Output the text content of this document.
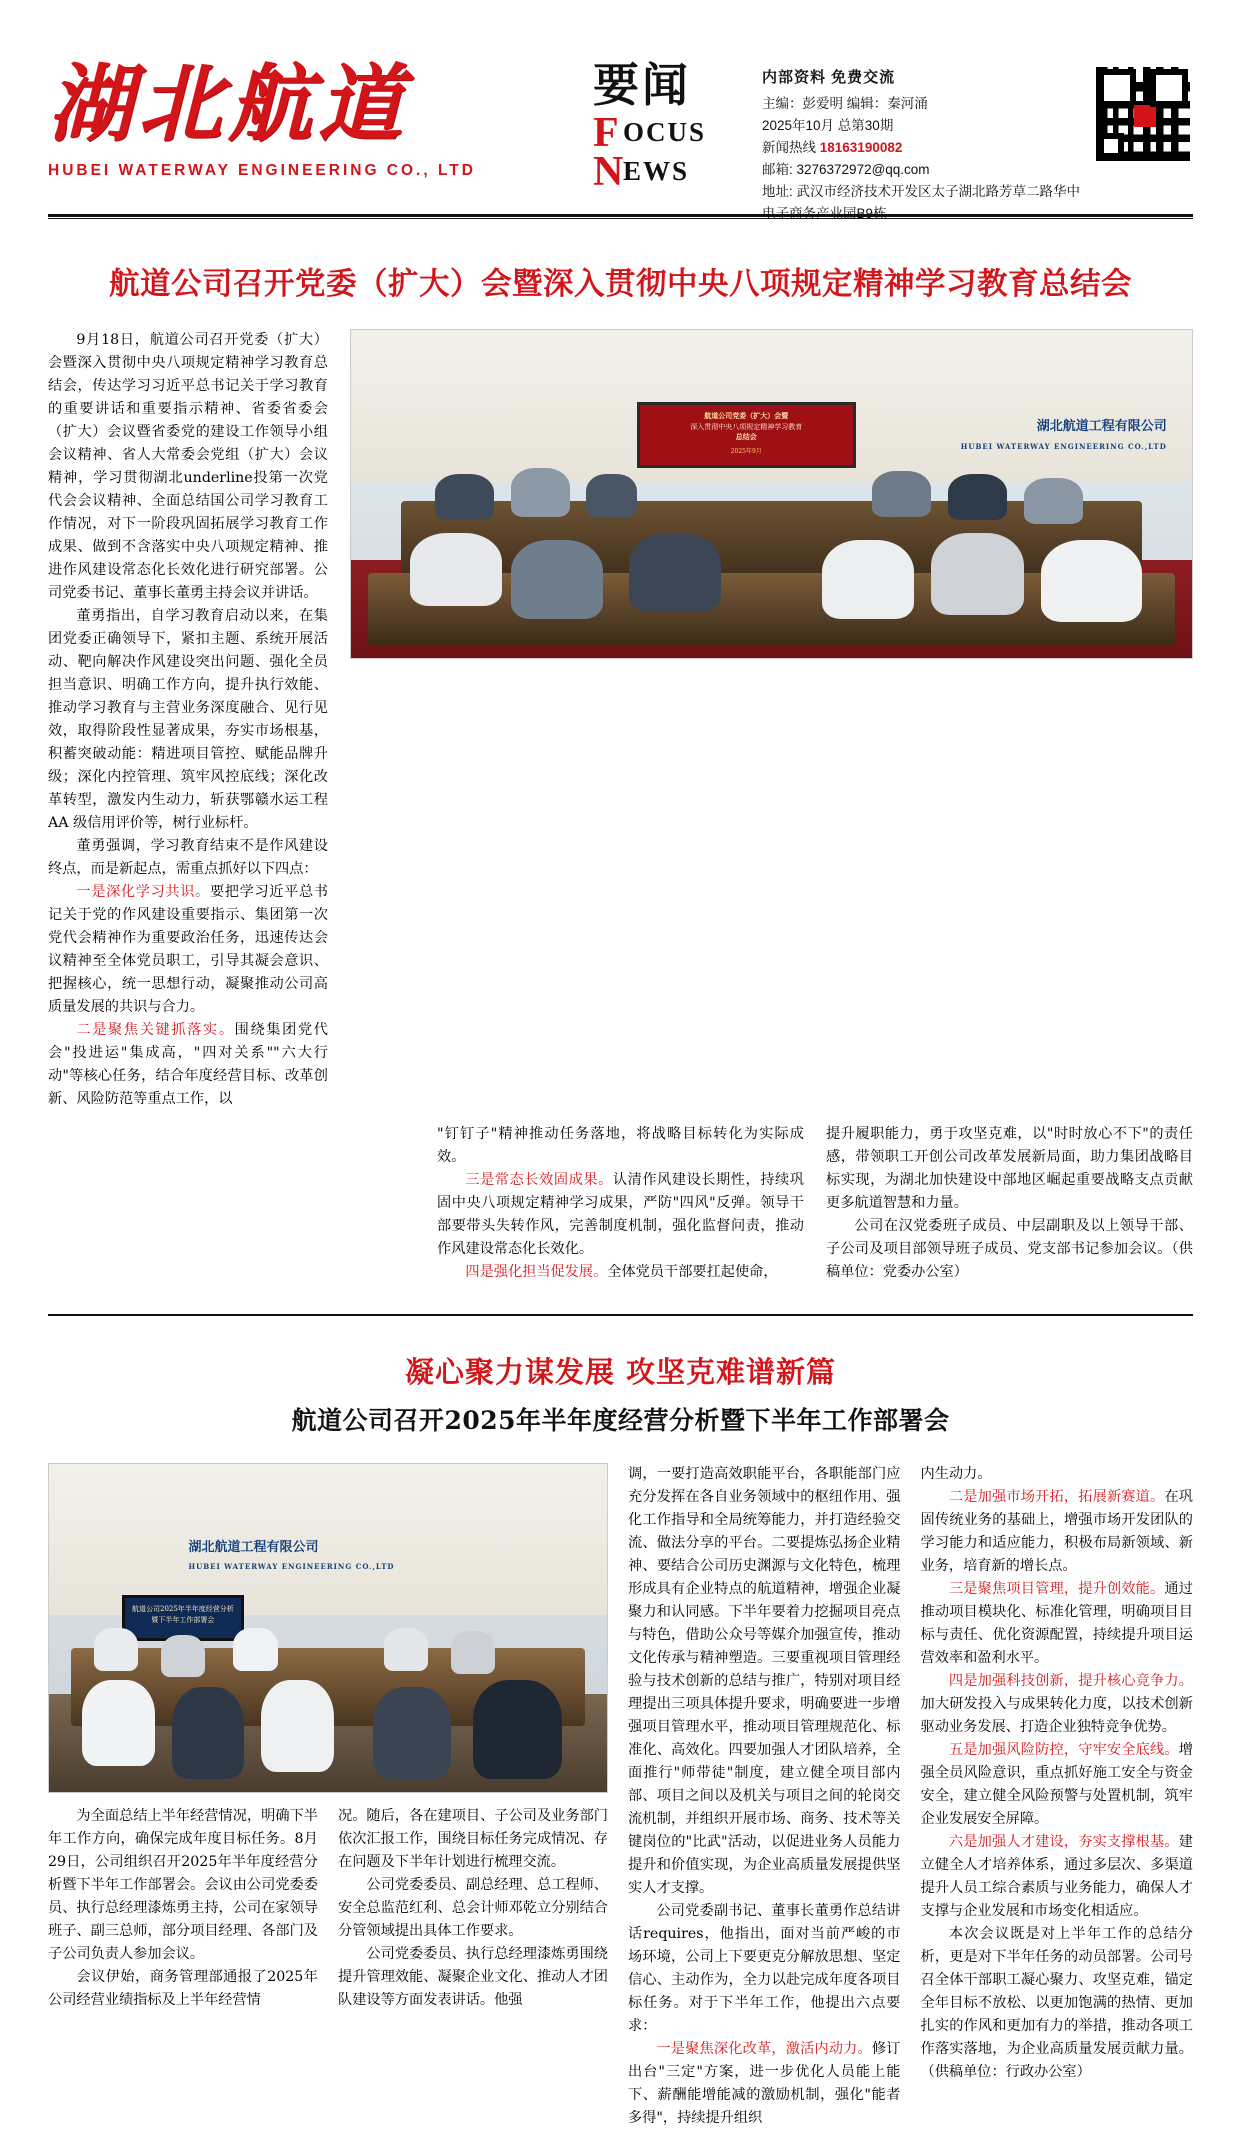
湖北航道
HUBEI WATERWAY ENGINEERING CO., LTD
要闻
F OCUS
N EWS
内部资料 免费交流
主编：彭爱明 编辑：秦河涌
2025年10月 总第30期
新闻热线 18163190082
邮箱: 3276372972@qq.com
地址: 武汉市经济技术开发区太子湖北路芳草二路华中电子商务产业园B9栋
航道公司召开党委（扩大）会暨深入贯彻中央八项规定精神学习教育总结会

9月18日，航道公司召开党委（扩大）会暨深入贯彻中央八项规定精神学习教育总结会，传达学习习近平总书记关于学习教育的重要讲话和重要指示精神、省委省委会（扩大）会议暨省委党的建设工作领导小组会议精神、省人大常委会党组（扩大）会议精神，学习贯彻湖北underline投第一次党代会会议精神、全面总结国公司学习教育工作情况，对下一阶段巩固拓展学习教育工作成果、做到不含落实中央八项规定精神、推进作风建设常态化长效化进行研究部署。公司党委书记、董事长董勇主持会议并讲话。

董勇指出，自学习教育启动以来，在集团党委正确领导下，紧扣主题、系统开展活动、靶向解决作风建设突出问题、强化全员担当意识、明确工作方向，提升执行效能、推动学习教育与主营业务深度融合、见行见效，取得阶段性显著成果，夯实市场根基，积蓄突破动能：精进项目管控、赋能品牌升级；深化内控管理、筑牢风控底线；深化改革转型，激发内生动力，斩获鄂赣水运工程 AA 级信用评价等，树行业标杆。

董勇强调，学习教育结束不是作风建设终点，而是新起点，需重点抓好以下四点：

一是深化学习共识。要把学习近平总书记关于党的作风建设重要指示、集团第一次党代会精神作为重要政治任务，迅速传达会议精神至全体党员职工，引导其凝会意识、把握核心，统一思想行动，凝聚推动公司高质量发展的共识与合力。

二是聚焦关键抓落实。围绕集团党代会"投进运"集成高，"四对关系""六大行动"等核心任务，结合年度经营目标、改革创新、风险防范等重点工作，以

航道公司党委（扩大）会暨
深入贯彻中央八项规定精神学习教育
总结会
2025年9月
湖北航道工程有限公司
HUBEI WATERWAY ENGINEERING CO.,LTD

"钉钉子"精神推动任务落地，将战略目标转化为实际成效。

三是常态长效固成果。认清作风建设长期性，持续巩固中央八项规定精神学习成果，严防"四风"反弹。领导干部要带头失转作风，完善制度机制，强化监督问责，推动作风建设常态化长效化。

四是强化担当促发展。全体党员干部要扛起使命，

提升履职能力，勇于攻坚克难，以"时时放心不下"的责任感，带领职工开创公司改革发展新局面，助力集团战略目标实现，为湖北加快建设中部地区崛起重要战略支点贡献更多航道智慧和力量。

公司在汉党委班子成员、中层副职及以上领导干部、子公司及项目部领导班子成员、党支部书记参加会议。（供稿单位：党委办公室）

凝心聚力谋发展 攻坚克难谱新篇
航道公司召开2025年半年度经营分析暨下半年工作部署会
湖北航道工程有限公司
HUBEI WATERWAY ENGINEERING CO.,LTD
航道公司2025年半年度经营分析
暨下半年工作部署会

为全面总结上半年经营情况，明确下半年工作方向，确保完成年度目标任务。8月29日，公司组织召开2025年半年度经营分析暨下半年工作部署会。会议由公司党委委员、执行总经理漆炼勇主持，公司在家领导班子、副三总师，部分项目经理、各部门及子公司负责人参加会议。

会议伊始，商务管理部通报了2025年公司经营业绩指标及上半年经营情

况。随后，各在建项目、子公司及业务部门依次汇报工作，围绕目标任务完成情况、存在问题及下半年计划进行梳理交流。

公司党委委员、副总经理、总工程师、安全总监范红利、总会计师邓乾立分别结合分管领域提出具体工作要求。

公司党委委员、执行总经理漆炼勇围绕提升管理效能、凝聚企业文化、推动人才团队建设等方面发表讲话。他强

调，一要打造高效职能平台，各职能部门应充分发挥在各自业务领域中的枢纽作用、强化工作指导和全局统筹能力，并打造经验交流、做法分享的平台。二要提炼弘扬企业精神、要结合公司历史渊源与文化特色，梳理形成具有企业特点的航道精神，增强企业凝聚力和认同感。下半年要着力挖掘项目亮点与特色，借助公众号等媒介加强宣传，推动文化传承与精神塑造。三要重视项目管理经验与技术创新的总结与推广，特别对项目经理提出三项具体提升要求，明确要进一步增强项目管理水平，推动项目管理规范化、标准化、高效化。四要加强人才团队培养，全面推行"师带徒"制度，建立健全项目部内部、项目之间以及机关与项目之间的轮岗交流机制，并组织开展市场、商务、技术等关键岗位的"比武"活动，以促进业务人员能力提升和价值实现，为企业高质量发展提供坚实人才支撑。

公司党委副书记、董事长董勇作总结讲话requires，他指出，面对当前严峻的市场环境，公司上下要更克分解放思想、坚定信心、主动作为，全力以赴完成年度各项目标任务。对于下半年工作，他提出六点要求：

一是聚焦深化改革，激活内动力。修订出台"三定"方案，进一步优化人员能上能下、薪酬能增能减的激励机制，强化"能者多得"，持续提升组织

内生动力。

二是加强市场开拓，拓展新赛道。在巩固传统业务的基础上，增强市场开发团队的学习能力和适应能力，积极布局新领域、新业务，培育新的增长点。

三是聚焦项目管理，提升创效能。通过推动项目模块化、标准化管理，明确项目目标与责任、优化资源配置，持续提升项目运营效率和盈利水平。

四是加强科技创新，提升核心竞争力。加大研发投入与成果转化力度，以技术创新驱动业务发展、打造企业独特竞争优势。

五是加强风险防控，守牢安全底线。增强全员风险意识，重点抓好施工安全与资金安全，建立健全风险预警与处置机制，筑牢企业发展安全屏障。

六是加强人才建设，夯实支撑根基。建立健全人才培养体系，通过多层次、多渠道提升人员工综合素质与业务能力，确保人才支撑与企业发展和市场变化相适应。

本次会议既是对上半年工作的总结分析，更是对下半年任务的动员部署。公司号召全体干部职工凝心聚力、攻坚克难，锚定全年目标不放松、以更加饱满的热情、更加扎实的作风和更加有力的举措，推动各项工作落实落地，为企业高质量发展贡献力量。（供稿单位：行政办公室）
